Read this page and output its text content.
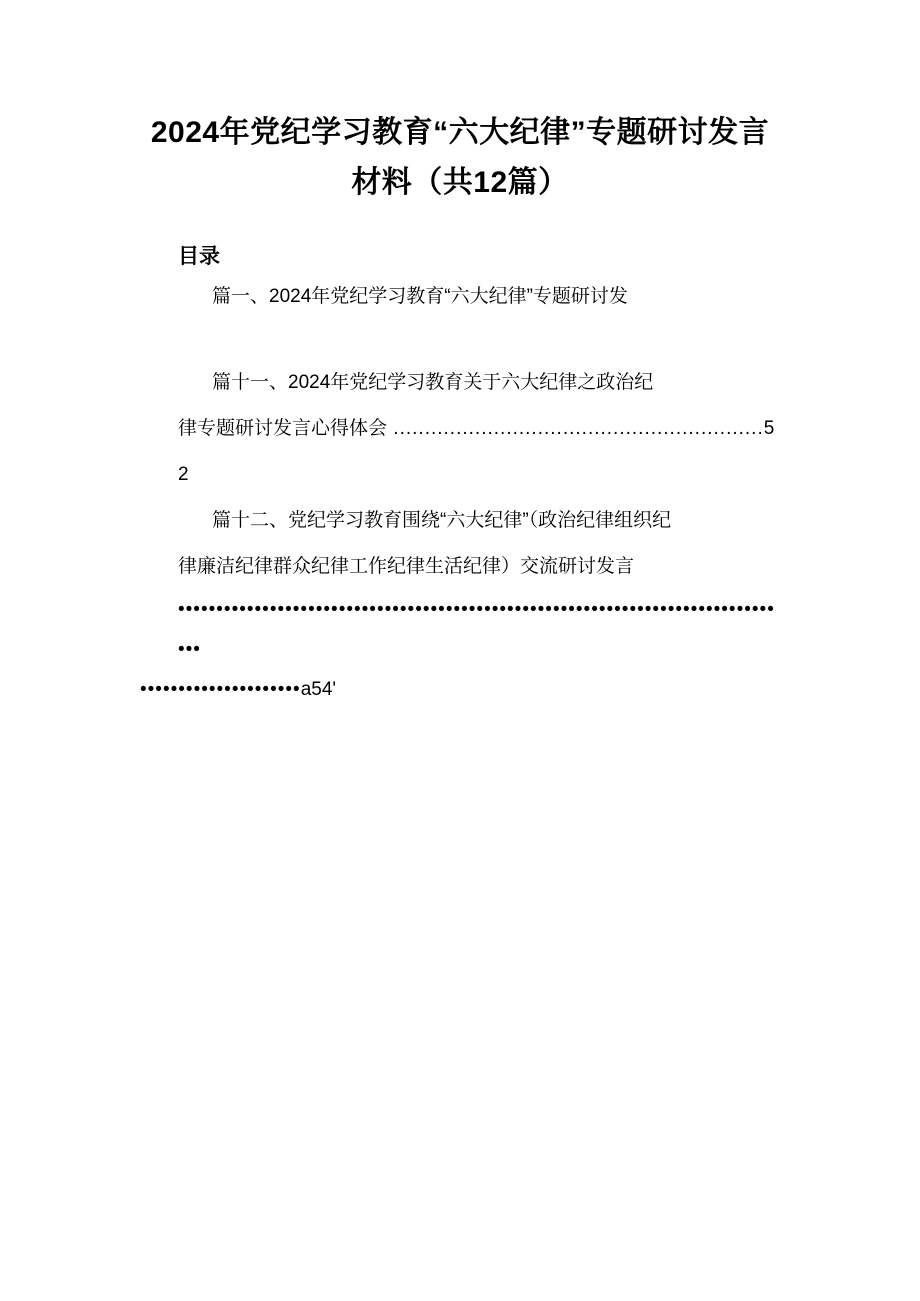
2024年党纪学习教育“六大纪律”专题研讨发言材料（共12篇）
目录
篇一、2024年党纪学习教育“六大纪律”专题研讨发
篇十一、2024年党纪学习教育关于六大纪律之政治纪
律专题研讨发言心得体会 ...........................................................52
篇十二、党纪学习教育围绕“六大纪律”（政治纪律组织纪
律廉洁纪律群众纪律工作纪律生活纪律）交流研讨发言
•••••••••••••••••••••••••••••••••••••••••••••••••••••••••••••••••••••••••••••••••
•••••••••••••••••••••a54'
